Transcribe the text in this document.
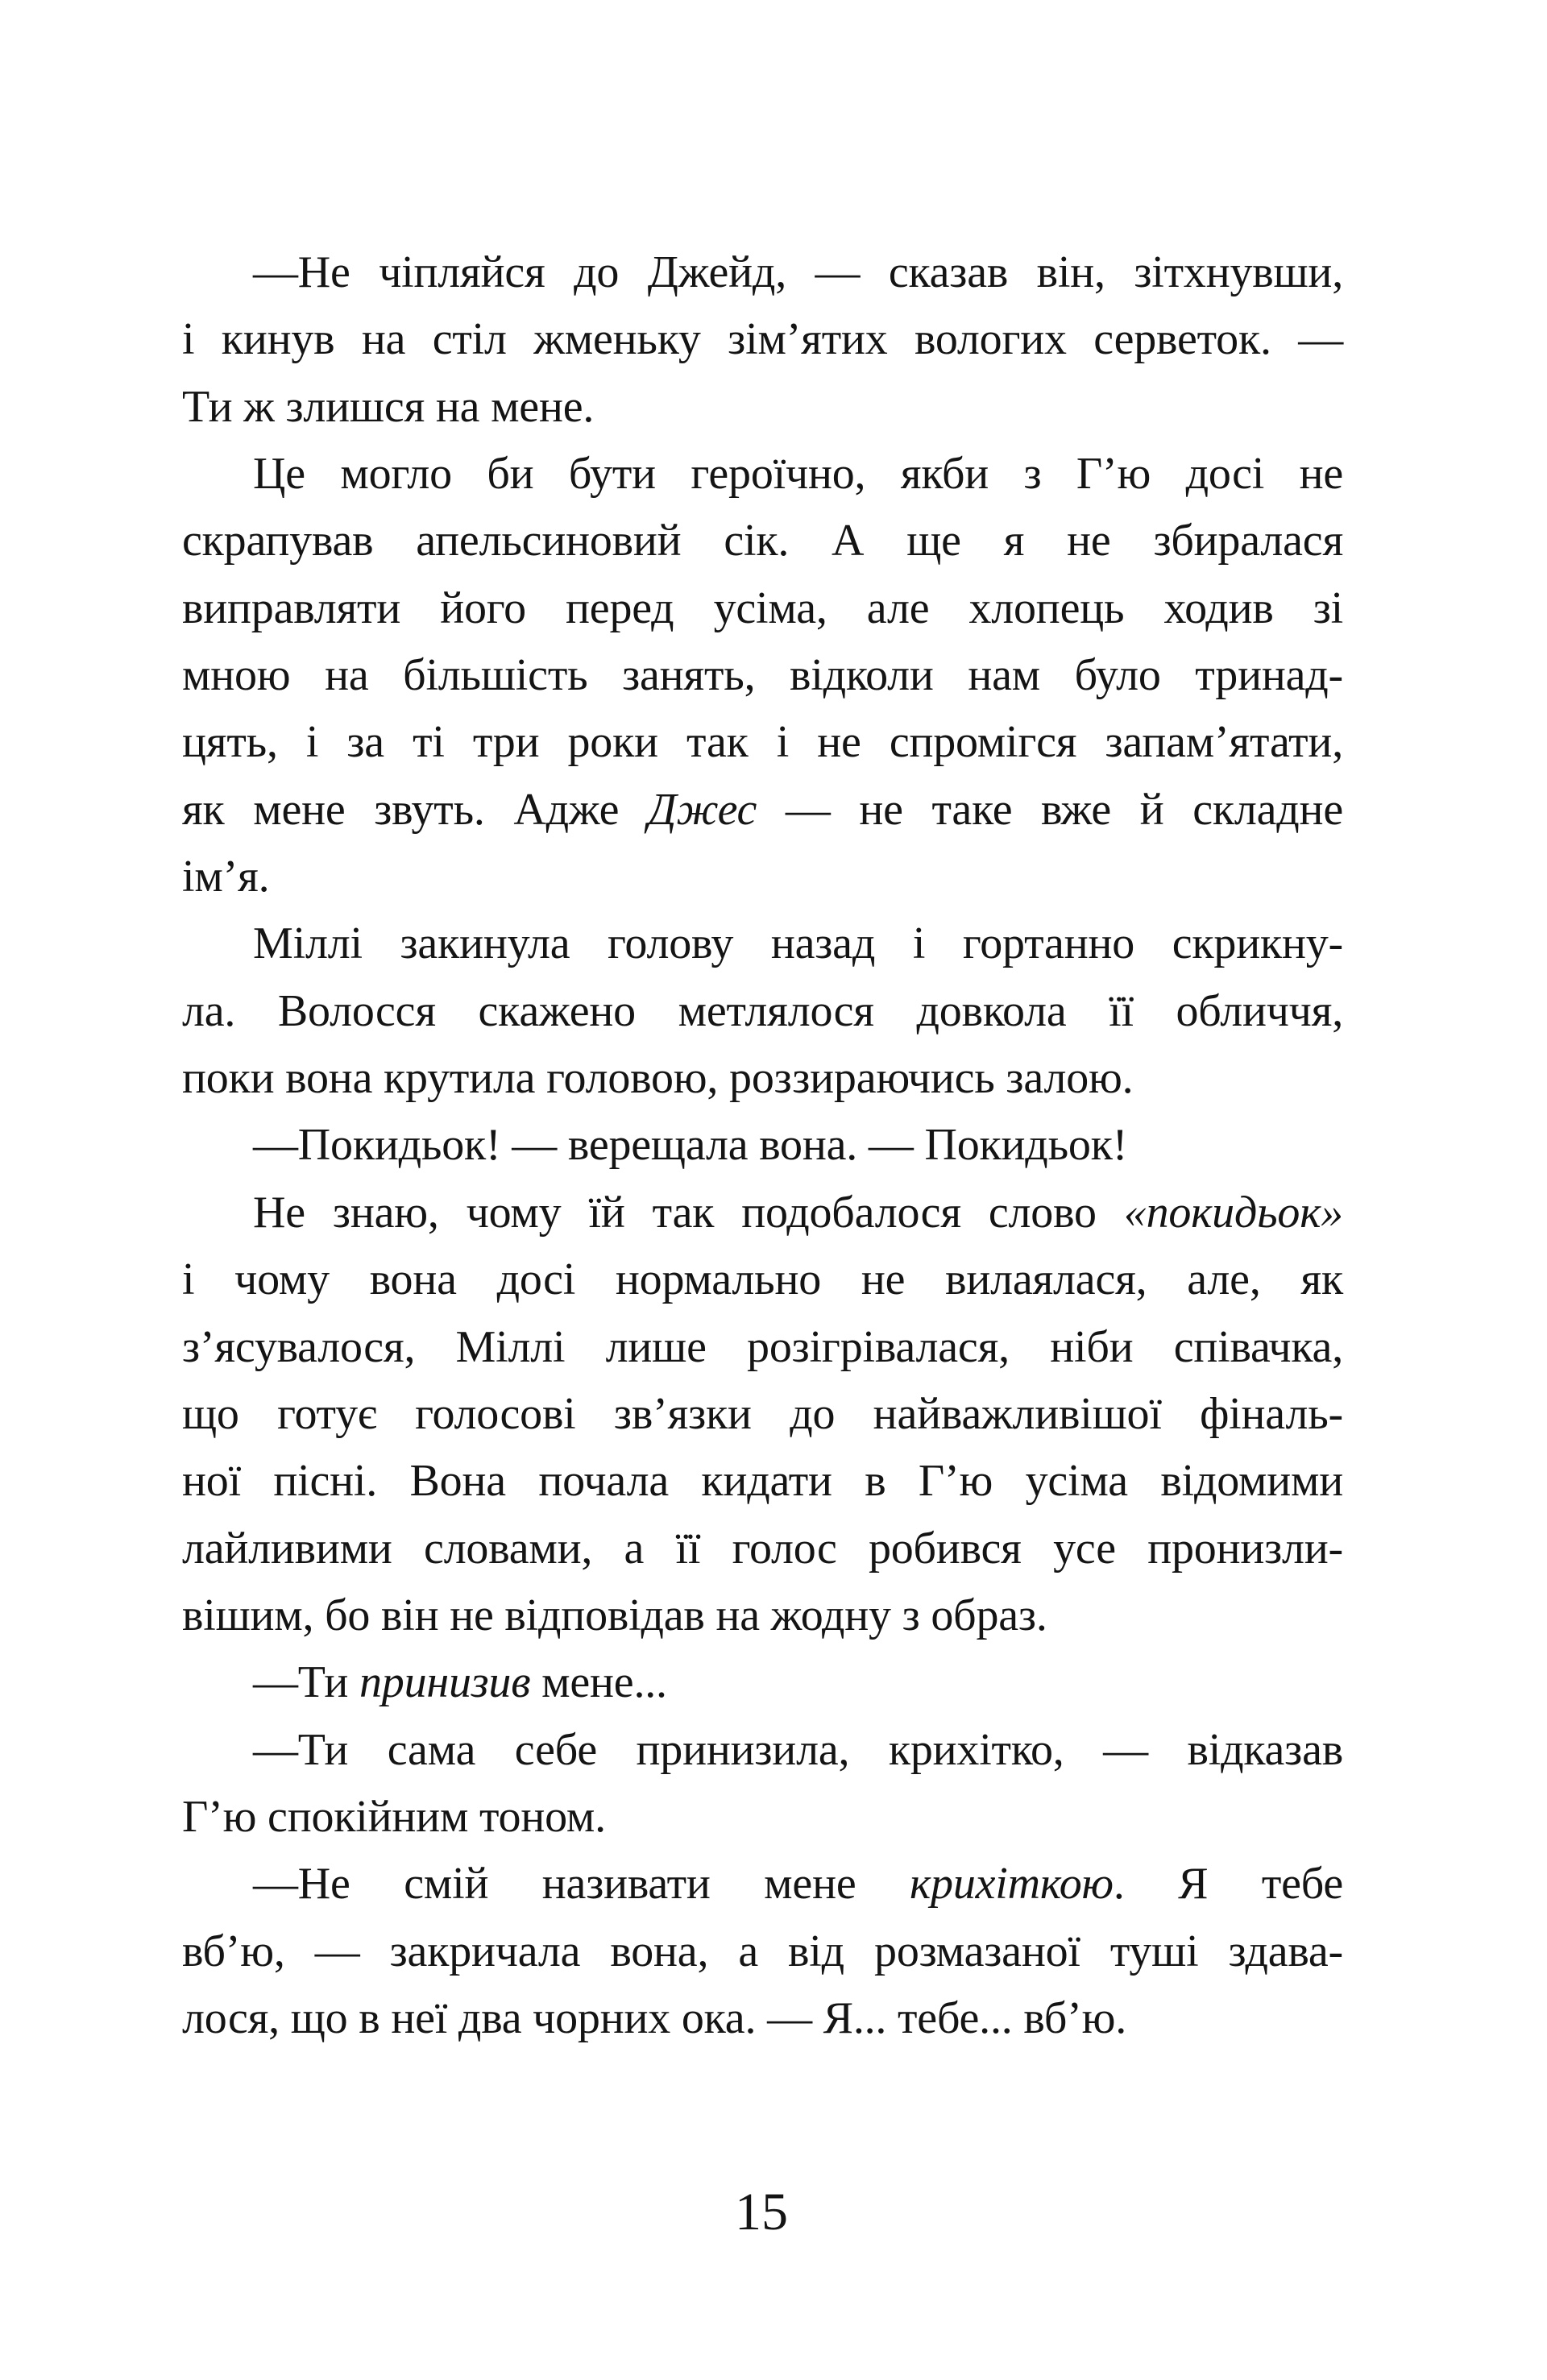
—Не чіпляйся до Джейд, — сказав він, зітхнувши,
і кинув на стіл жменьку зім’ятих вологих серветок. —
Ти ж злишся на мене.
Це могло би бути героїчно, якби з Г’ю досі не
скрапував апельсиновий сік. А ще я не збиралася
виправляти його перед усіма, але хлопець ходив зі
мною на більшість занять, відколи нам було тринад-
цять, і за ті три роки так і не спромігся запам’ятати,
як мене звуть. Адже Джес — не таке вже й складне
ім’я.
Міллі закинула голову назад і гортанно скрикну-
ла. Волосся скажено метлялося довкола її обличчя,
поки вона крутила головою, роззираючись залою.
—Покидьок! — верещала вона. — Покидьок!
Не знаю, чому їй так подобалося слово «покидьок»
і чому вона досі нормально не вилаялася, але, як
з’ясувалося, Міллі лише розігрівалася, ніби співачка,
що готує голосові зв’язки до найважливішої фіналь-
ної пісні. Вона почала кидати в Г’ю усіма відомими
лайливими словами, а її голос робився усе пронизли-
вішим, бо він не відповідав на жодну з образ.
—Ти принизив мене...
—Ти сама себе принизила, крихітко, — відказав
Г’ю спокійним тоном.
—Не смій називати мене крихіткою. Я тебе
вб’ю, — закричала вона, а від розмазаної туші здава-
лося, що в неї два чорних ока. — Я... тебе... вб’ю.
15
